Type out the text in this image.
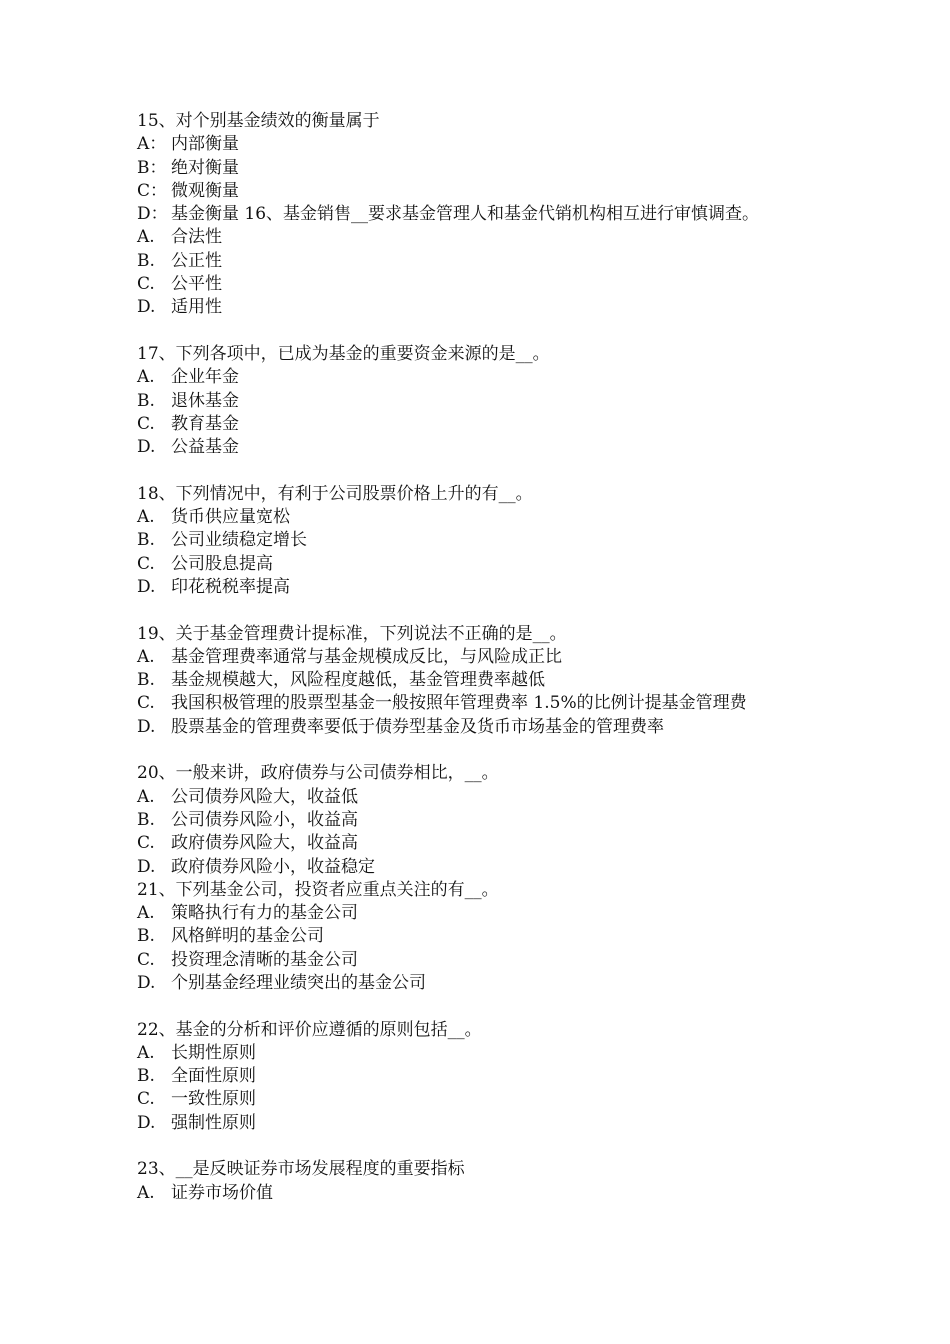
15、对个别基金绩效的衡量属于
A： 内部衡量
B： 绝对衡量
C： 微观衡量
D： 基金衡量 16、基金销售__要求基金管理人和基金代销机构相互进行审慎调查。
A. 合法性
B. 公正性
C. 公平性
D. 适用性
17、下列各项中，已成为基金的重要资金来源的是__。
A. 企业年金
B. 退休基金
C. 教育基金
D. 公益基金
18、下列情况中，有利于公司股票价格上升的有__。
A. 货币供应量宽松
B. 公司业绩稳定增长
C. 公司股息提高
D. 印花税税率提高
19、关于基金管理费计提标准，下列说法不正确的是__。
A. 基金管理费率通常与基金规模成反比，与风险成正比
B. 基金规模越大，风险程度越低，基金管理费率越低
C. 我国积极管理的股票型基金一般按照年管理费率 1.5%的比例计提基金管理费
D. 股票基金的管理费率要低于债券型基金及货币市场基金的管理费率
20、一般来讲，政府债券与公司债券相比，__。
A. 公司债券风险大，收益低
B. 公司债券风险小，收益高
C. 政府债券风险大，收益高
D. 政府债券风险小，收益稳定
21、下列基金公司，投资者应重点关注的有__。
A. 策略执行有力的基金公司
B. 风格鲜明的基金公司
C. 投资理念清晰的基金公司
D. 个别基金经理业绩突出的基金公司
22、基金的分析和评价应遵循的原则包括__。
A. 长期性原则
B. 全面性原则
C. 一致性原则
D. 强制性原则
23、__是反映证券市场发展程度的重要指标
A. 证券市场价值
